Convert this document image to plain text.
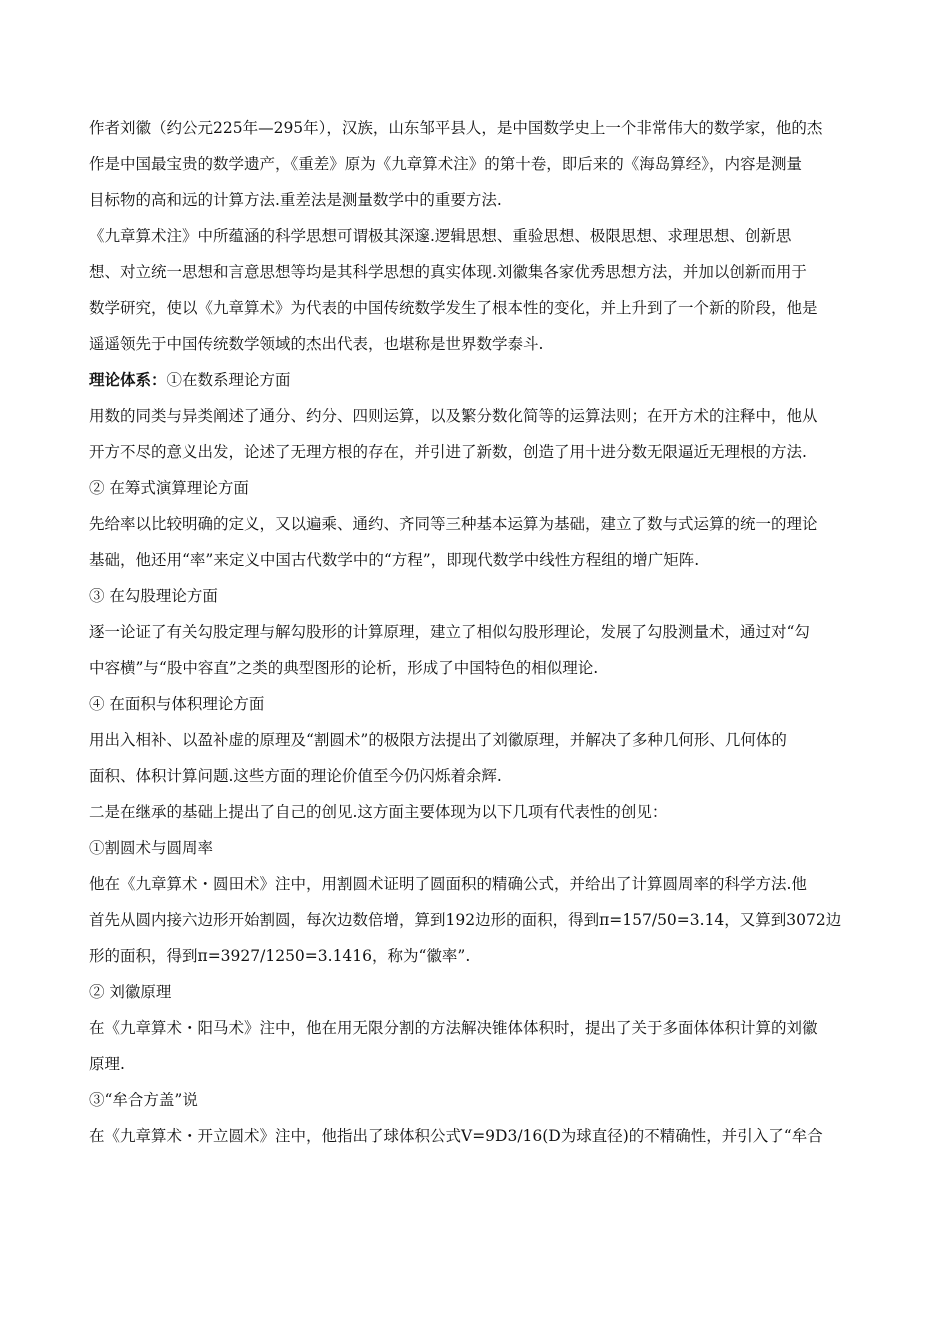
作者刘徽（约公元225年—295年），汉族，山东邹平县人，是中国数学史上一个非常伟大的数学家，他的杰
作是中国最宝贵的数学遗产，《重差》原为《九章算术注》的第十卷，即后来的《海岛算经》，内容是测量
目标物的高和远的计算方法.重差法是测量数学中的重要方法.
《九章算术注》中所蕴涵的科学思想可谓极其深邃.逻辑思想、重验思想、极限思想、求理思想、创新思
想、对立统一思想和言意思想等均是其科学思想的真实体现.刘徽集各家优秀思想方法，并加以创新而用于
数学研究，使以《九章算术》为代表的中国传统数学发生了根本性的变化，并上升到了一个新的阶段，他是
遥遥领先于中国传统数学领域的杰出代表，也堪称是世界数学泰斗.
理论体系：①在数系理论方面
用数的同类与异类阐述了通分、约分、四则运算，以及繁分数化简等的运算法则；在开方术的注释中，他从
开方不尽的意义出发，论述了无理方根的存在，并引进了新数，创造了用十进分数无限逼近无理根的方法.
② 在筹式演算理论方面
先给率以比较明确的定义，又以遍乘、通约、齐同等三种基本运算为基础，建立了数与式运算的统一的理论
基础，他还用“率”来定义中国古代数学中的“方程”，即现代数学中线性方程组的增广矩阵.
③ 在勾股理论方面
逐一论证了有关勾股定理与解勾股形的计算原理，建立了相似勾股形理论，发展了勾股测量术，通过对“勾
中容横”与“股中容直”之类的典型图形的论析，形成了中国特色的相似理论.
④ 在面积与体积理论方面
用出入相补、以盈补虚的原理及“割圆术”的极限方法提出了刘徽原理，并解决了多种几何形、几何体的
面积、体积计算问题.这些方面的理论价值至今仍闪烁着余辉.
二是在继承的基础上提出了自己的创见.这方面主要体现为以下几项有代表性的创见：
①割圆术与圆周率
他在《九章算术・圆田术》注中，用割圆术证明了圆面积的精确公式，并给出了计算圆周率的科学方法.他
首先从圆内接六边形开始割圆，每次边数倍增，算到192边形的面积，得到π=157/50=3.14，又算到3072边
形的面积，得到π=3927/1250=3.1416，称为“徽率”.
② 刘徽原理
在《九章算术・阳马术》注中，他在用无限分割的方法解决锥体体积时，提出了关于多面体体积计算的刘徽
原理.
③“牟合方盖”说
在《九章算术・开立圆术》注中，他指出了球体积公式V=9D3/16(D为球直径)的不精确性，并引入了“牟合
